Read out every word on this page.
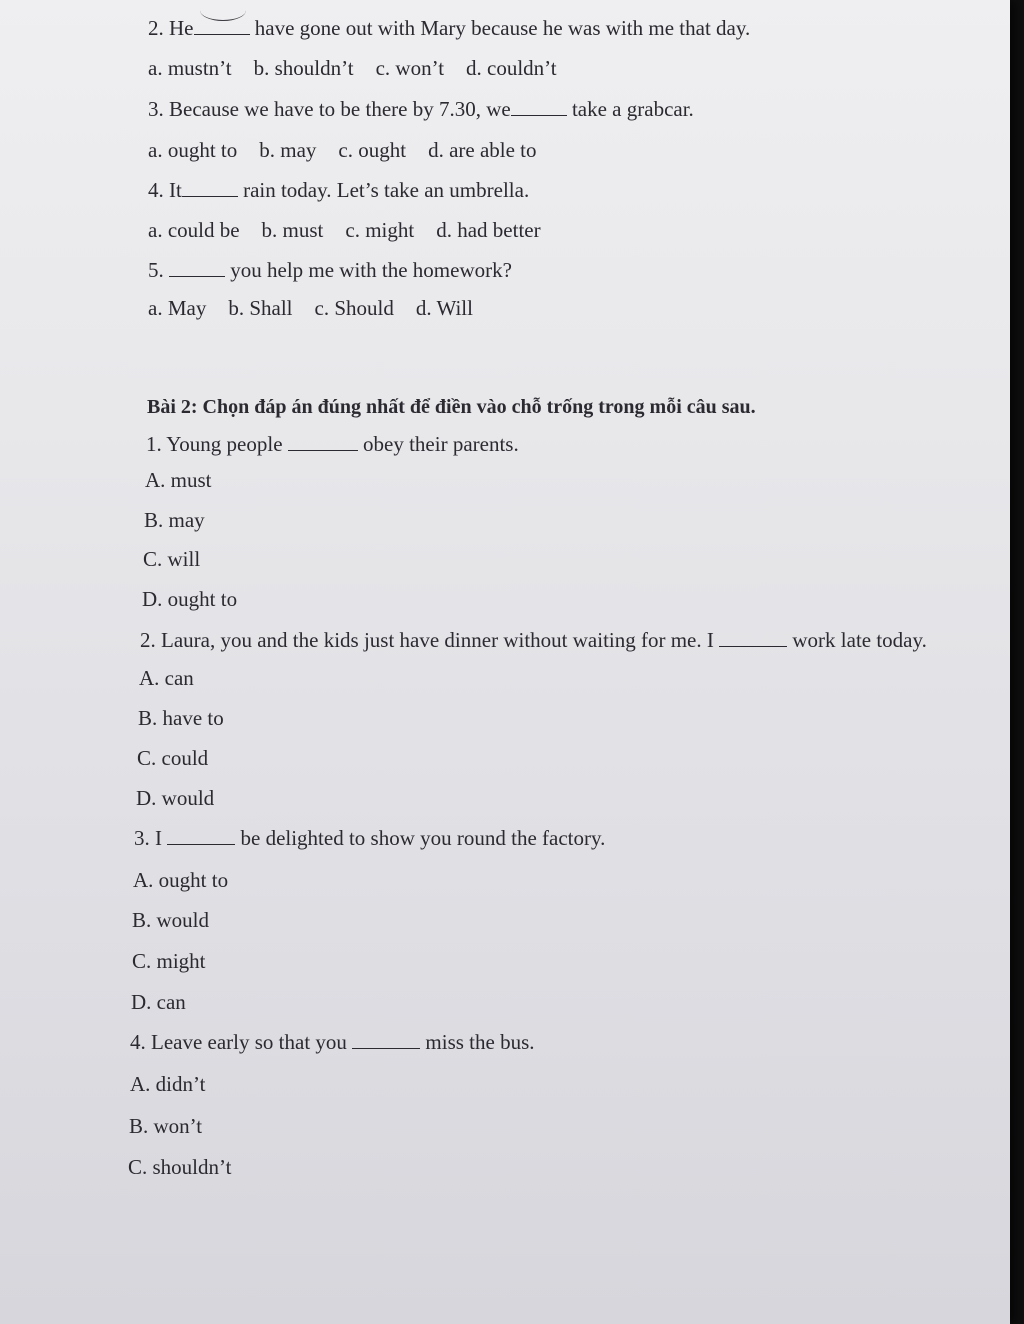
2. He	have gone out with Mary because he was with me that day.
a. mustn’t b. shouldn’t c. won’t d. couldn’t
3. Because we have to be there by 7.30, we	take a grabcar.
a. ought to b. may c. ought d. are able to
4. It	rain today. Let’s take an umbrella.
a. could be b. must c. might d. had better
5.	you help me with the homework?
a. May b. Shall c. Should d. Will
Bài 2: Chọn đáp án đúng nhất để điền vào chỗ trống trong mỗi câu sau.
1. Young people	obey their parents.
A. must
B. may
C. will
D. ought to
2. Laura, you and the kids just have dinner without waiting for me. I	work late today.
A. can
B. have to
C. could
D. would
3. I	be delighted to show you round the factory.
A. ought to
B. would
C. might
D. can
4. Leave early so that you	miss the bus.
A. didn’t
B. won’t
C. shouldn’t
